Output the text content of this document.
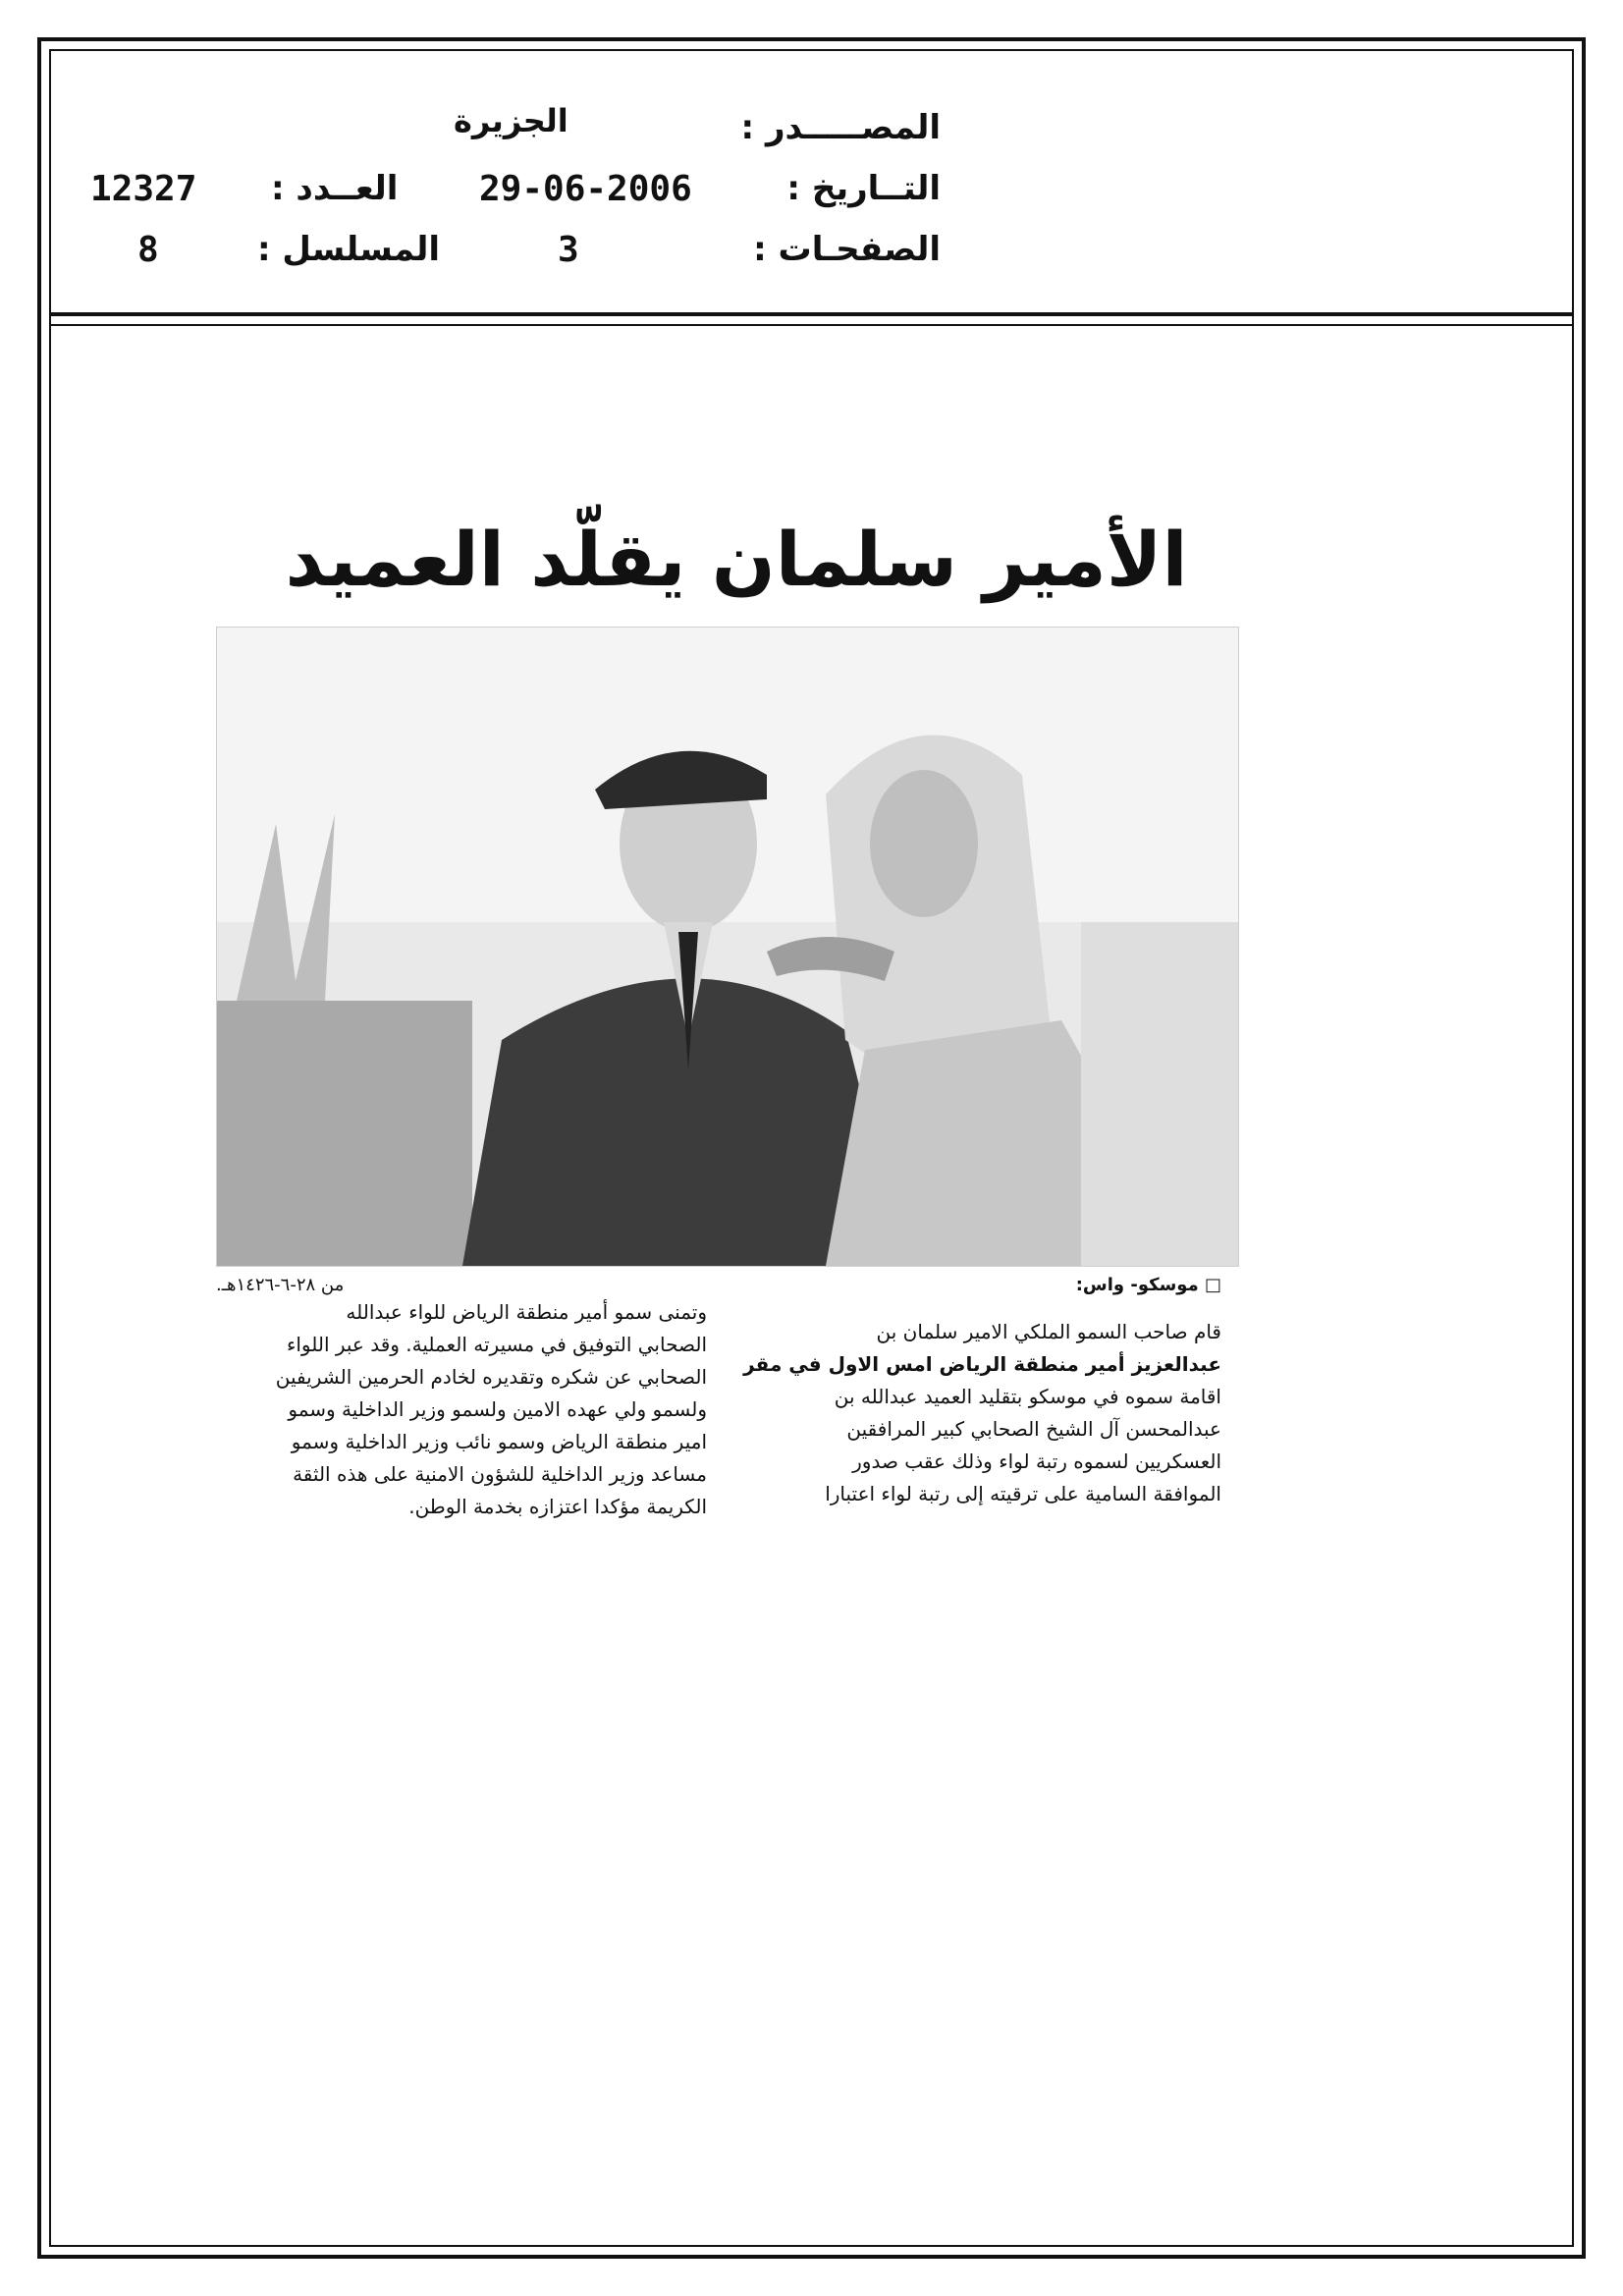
المصـــــدر :
الجزيرة
التــاريخ :
29-06-2006
العــدد :
12327
الصفحـات :
3
المسلسل :
8
الأمير سلمان يقلّد العميد
□ موسكو- واس:
من ٢٨-٦-١٤٢٦هـ.
قام صاحب السمو الملكي الامير سلمان بن
عبدالعزيز أمير منطقة الرياض امس الاول في مقر
اقامة سموه في موسكو بتقليد العميد عبدالله بن
عبدالمحسن آل الشيخ الصحابي كبير المرافقين
العسكريين لسموه رتبة لواء وذلك عقب صدور
الموافقة السامية على ترقيته إلى رتبة لواء اعتبارا
وتمنى سمو أمير منطقة الرياض للواء عبدالله
الصحابي التوفيق في مسيرته العملية. وقد عبر اللواء
الصحابي عن شكره وتقديره لخادم الحرمين الشريفين
ولسمو ولي عهده الامين ولسمو وزير الداخلية وسمو
امير منطقة الرياض وسمو نائب وزير الداخلية وسمو
مساعد وزير الداخلية للشؤون الامنية على هذه الثقة
الكريمة مؤكدا اعتزازه بخدمة الوطن.
